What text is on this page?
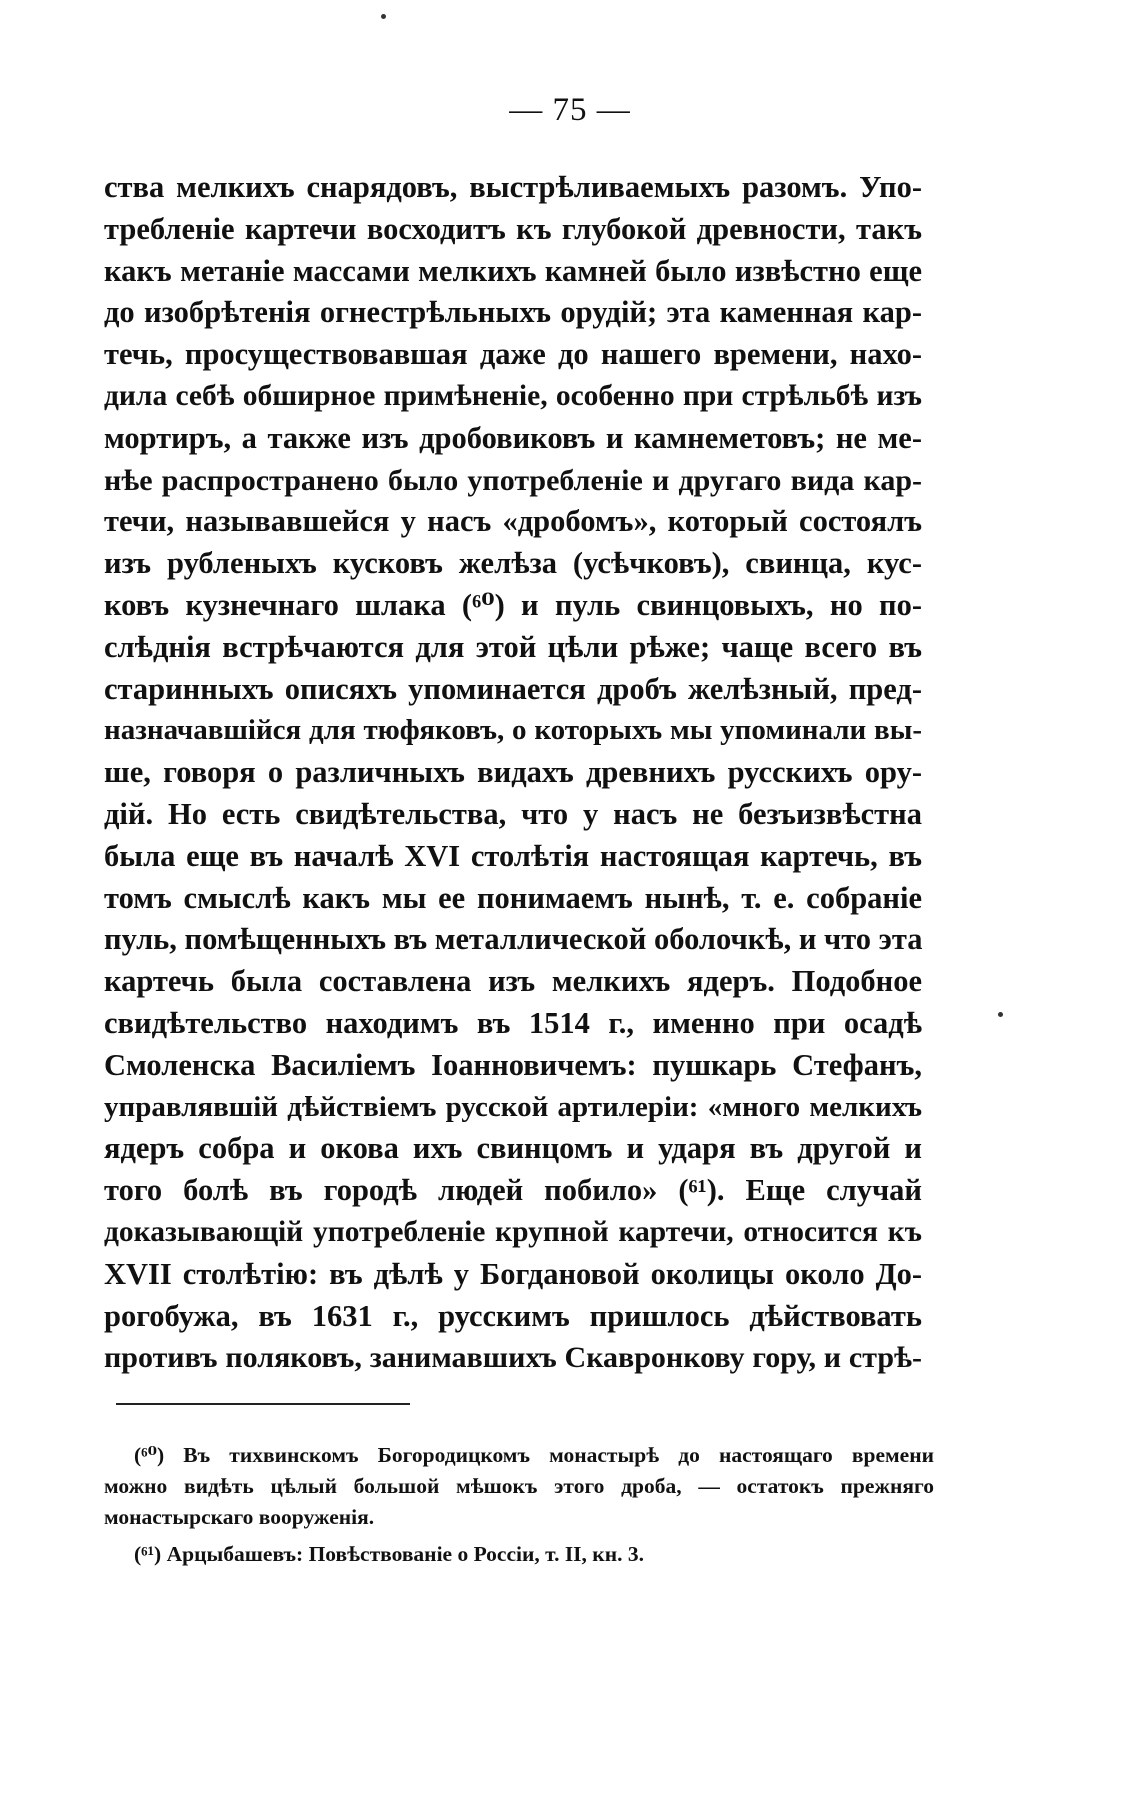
— 75 —
ства мелкихъ снарядовъ, выстрѣливаемыхъ разомъ. Упо-
требленіе картечи восходитъ къ глубокой древности, такъ
какъ метаніе массами мелкихъ камней было извѣстно еще
до изобрѣтенія огнестрѣльныхъ орудій; эта каменная кар-
течь, просуществовавшая даже до нашего времени, нахо-
дила себѣ обширное примѣненіе, особенно при стрѣльбѣ изъ
мортиръ, а также изъ дробовиковъ и камнеметовъ; не ме-
нѣе распространено было употребленіе и другаго вида кар-
течи, называвшейся у насъ «дробомъ», который состоялъ
изъ рубленыхъ кусковъ желѣза (усѣчковъ), свинца, кус-
ковъ кузнечнаго шлака (⁶⁰) и пуль свинцовыхъ, но по-
слѣднія встрѣчаются для этой цѣли рѣже; чаще всего въ
старинныхъ описяхъ упоминается дробъ желѣзный, пред-
назначавшійся для тюфяковъ, о которыхъ мы упоминали вы-
ше, говоря о различныхъ видахъ древнихъ русскихъ ору-
дій. Но есть свидѣтельства, что у насъ не безъизвѣстна
была еще въ началѣ XVI столѣтія настоящая картечь, въ
томъ смыслѣ какъ мы ее понимаемъ нынѣ, т. е. собраніе
пуль, помѣщенныхъ въ металлической оболочкѣ, и что эта
картечь была составлена изъ мелкихъ ядеръ. Подобное
свидѣтельство находимъ въ 1514 г., именно при осадѣ
Смоленска Василіемъ Іоанновичемъ: пушкарь Стефанъ,
управлявшій дѣйствіемъ русской артилеріи: «много мелкихъ
ядеръ собра и окова ихъ свинцомъ и ударя въ другой и
того болѣ въ городѣ людей побило» (⁶¹). Еще случай
доказывающій употребленіе крупной картечи, относится къ
XVII столѣтію: въ дѣлѣ у Богдановой околицы около До-
рогобужа, въ 1631 г., русскимъ пришлось дѣйствовать
противъ поляковъ, занимавшихъ Скавронкову гору, и стрѣ-
(⁶⁰) Въ тихвинскомъ Богородицкомъ монастырѣ до настоящаго времени
можно видѣть цѣлый большой мѣшокъ этого дроба, — остатокъ прежняго
монастырскаго вооруженія.
(⁶¹) Арцыбашевъ: Повѣствованіе о Россіи, т. II, кн. 3.
